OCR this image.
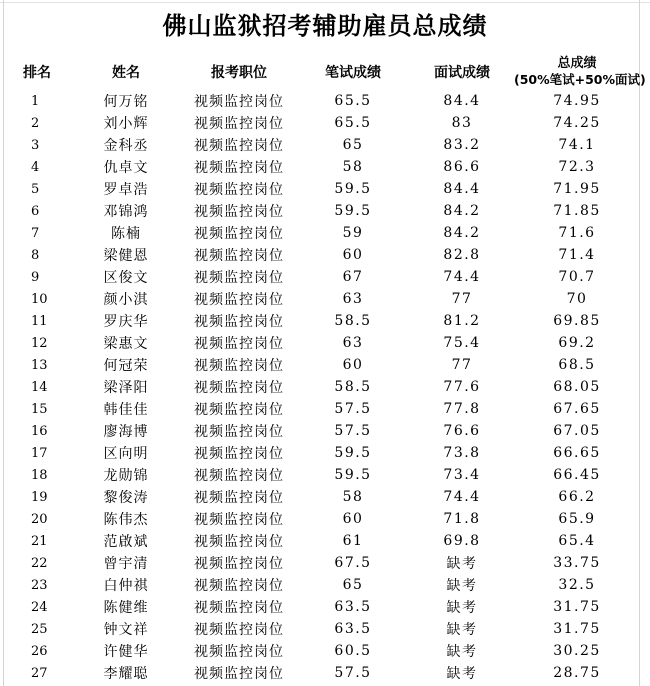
佛山监狱招考辅助雇员总成绩
排名	姓名	报考职位	笔试成绩	面试成绩	总成绩
(50%笔试+50%面试)

1	何万铭	视频监控岗位	65.5	84.4	74.95
2	刘小辉	视频监控岗位	65.5	83	74.25
3	金科丞	视频监控岗位	65	83.2	74.1
4	仇卓文	视频监控岗位	58	86.6	72.3
5	罗卓浩	视频监控岗位	59.5	84.4	71.95
6	邓锦鸿	视频监控岗位	59.5	84.2	71.85
7	陈楠	视频监控岗位	59	84.2	71.6
8	梁健恩	视频监控岗位	60	82.8	71.4
9	区俊文	视频监控岗位	67	74.4	70.7
10	颜小淇	视频监控岗位	63	77	70
11	罗庆华	视频监控岗位	58.5	81.2	69.85
12	梁惠文	视频监控岗位	63	75.4	69.2
13	何冠荣	视频监控岗位	60	77	68.5
14	梁泽阳	视频监控岗位	58.5	77.6	68.05
15	韩佳佳	视频监控岗位	57.5	77.8	67.65
16	廖海博	视频监控岗位	57.5	76.6	67.05
17	区向明	视频监控岗位	59.5	73.8	66.65
18	龙勋锦	视频监控岗位	59.5	73.4	66.45
19	黎俊涛	视频监控岗位	58	74.4	66.2
20	陈伟杰	视频监控岗位	60	71.8	65.9
21	范啟斌	视频监控岗位	61	69.8	65.4
22	曾宇清	视频监控岗位	67.5	缺考	33.75
23	白仲祺	视频监控岗位	65	缺考	32.5
24	陈健维	视频监控岗位	63.5	缺考	31.75
25	钟文祥	视频监控岗位	63.5	缺考	31.75
26	许健华	视频监控岗位	60.5	缺考	30.25
27	李耀聪	视频监控岗位	57.5	缺考	28.75
